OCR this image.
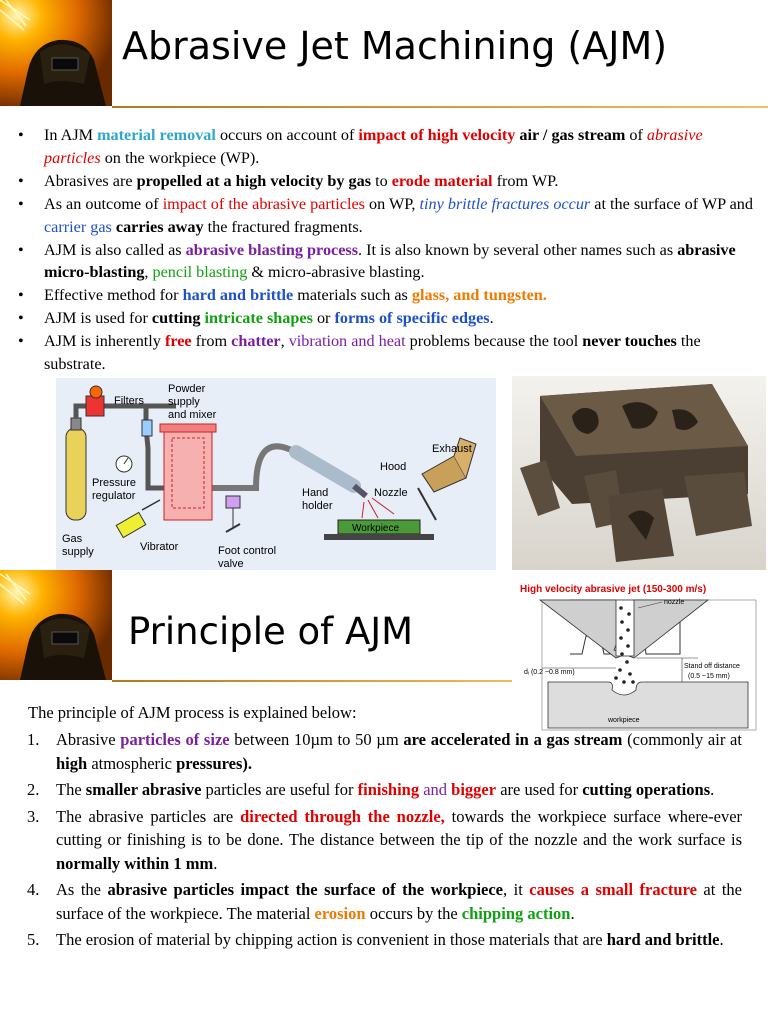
Abrasive Jet Machining (AJM)
• In AJM material removal occurs on account of impact of high velocity air / gas stream of abrasive particles on the workpiece (WP).
• Abrasives are propelled at a high velocity by gas to erode material from WP.
• As an outcome of impact of the abrasive particles on WP, tiny brittle fractures occur at the surface of WP and carrier gas carries away the fractured fragments.
• AJM is also called as abrasive blasting process. It is also known by several other names such as abrasive micro-blasting, pencil blasting & micro-abrasive blasting.
• Effective method for hard and brittle materials such as glass, and tungsten.
• AJM is used for cutting intricate shapes or forms of specific edges.
• AJM is inherently free from chatter, vibration and heat problems because the tool never touches the substrate.
Filters
Powder
supply
and mixer
Pressure
regulator
Gas
supply	Vibrator	Foot control
valve
Hand
holder
Hood
Nozzle
Exhaust
Workpiece
Principle of AJM
High velocity abrasive jet (150-300 m/s)
nozzle
dᵢ (0.2 ~0.8 mm)
Stand off distance
(0.5 ~15 mm)
workpiece
The principle of AJM process is explained below:
1. Abrasive particles of size between 10µm to 50 µm are accelerated in a gas stream (commonly air at high atmospheric pressures).
2. The smaller abrasive particles are useful for finishing and bigger are used for cutting operations.
3. The abrasive particles are directed through the nozzle, towards the workpiece surface where-ever cutting or finishing is to be done. The distance between the tip of the nozzle and the work surface is normally within 1 mm.
4. As the abrasive particles impact the surface of the workpiece, it causes a small fracture at the surface of the workpiece. The material erosion occurs by the chipping action.
5. The erosion of material by chipping action is convenient in those materials that are hard and brittle.
